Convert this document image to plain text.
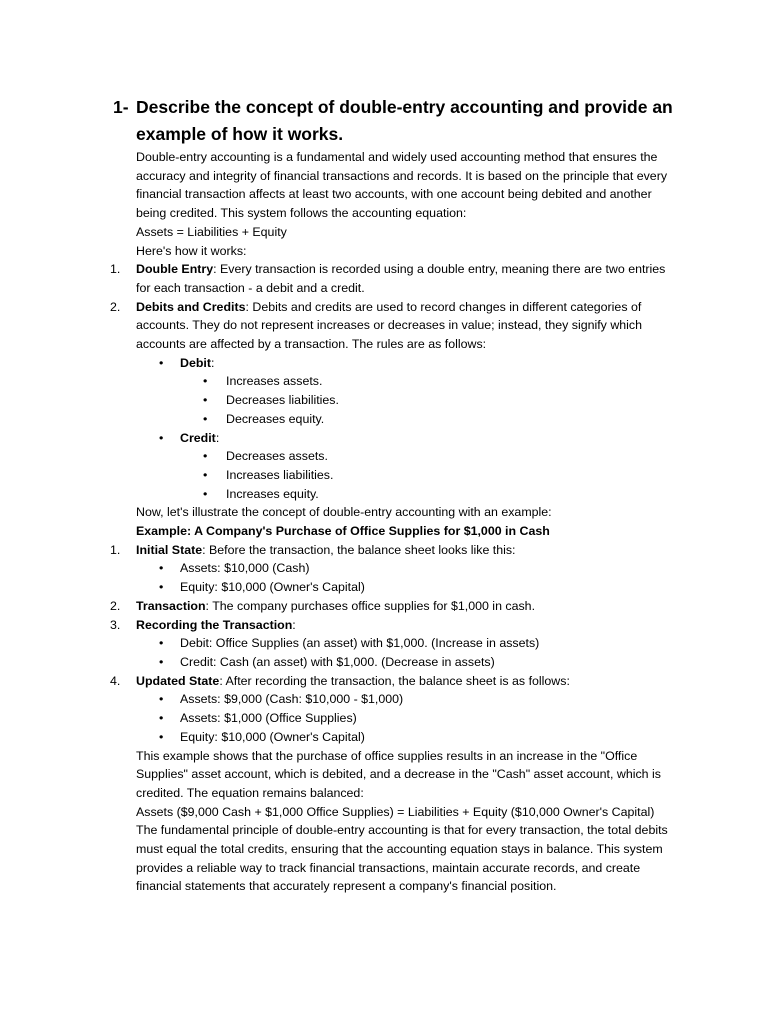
1- Describe the concept of double-entry accounting and provide an example of how it works.

Double-entry accounting is a fundamental and widely used accounting method that ensures the accuracy and integrity of financial transactions and records. It is based on the principle that every financial transaction affects at least two accounts, with one account being debited and another being credited. This system follows the accounting equation:

Assets = Liabilities + Equity

Here's how it works:

1. Double Entry: Every transaction is recorded using a double entry, meaning there are two entries for each transaction - a debit and a credit.
2. Debits and Credits: Debits and credits are used to record changes in different categories of accounts. They do not represent increases or decreases in value; instead, they signify which accounts are affected by a transaction. The rules are as follows:
• Debit:
• Increases assets.
• Decreases liabilities.
• Decreases equity.
• Credit:
• Decreases assets.
• Increases liabilities.
• Increases equity.

Now, let's illustrate the concept of double-entry accounting with an example:

Example: A Company's Purchase of Office Supplies for $1,000 in Cash

1. Initial State: Before the transaction, the balance sheet looks like this:
• Assets: $10,000 (Cash)
• Equity: $10,000 (Owner's Capital)
2. Transaction: The company purchases office supplies for $1,000 in cash.
3. Recording the Transaction:
• Debit: Office Supplies (an asset) with $1,000. (Increase in assets)
• Credit: Cash (an asset) with $1,000. (Decrease in assets)
4. Updated State: After recording the transaction, the balance sheet is as follows:
• Assets: $9,000 (Cash: $10,000 - $1,000)
• Assets: $1,000 (Office Supplies)
• Equity: $10,000 (Owner's Capital)

This example shows that the purchase of office supplies results in an increase in the "Office Supplies" asset account, which is debited, and a decrease in the "Cash" asset account, which is credited. The equation remains balanced:

Assets ($9,000 Cash + $1,000 Office Supplies) = Liabilities + Equity ($10,000 Owner's Capital)

The fundamental principle of double-entry accounting is that for every transaction, the total debits must equal the total credits, ensuring that the accounting equation stays in balance. This system provides a reliable way to track financial transactions, maintain accurate records, and create financial statements that accurately represent a company's financial position.
